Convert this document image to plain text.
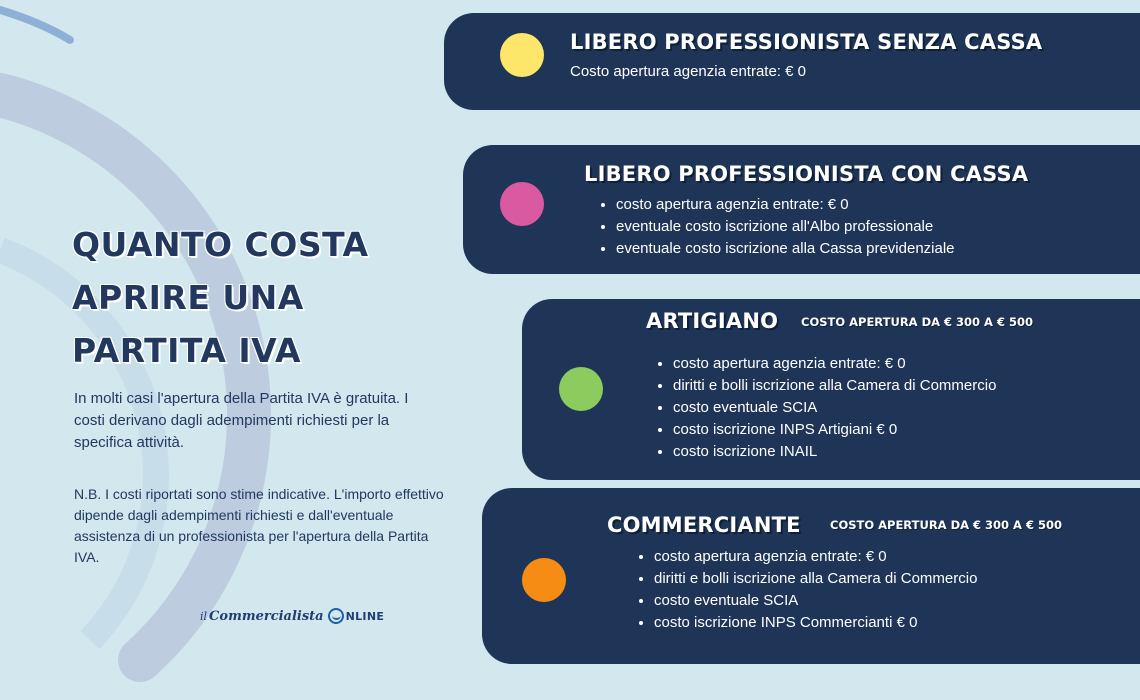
QUANTO COSTA
APRIRE UNA
PARTITA IVA

In molti casi l'apertura della Partita IVA è gratuita. I costi derivano dagli adempimenti richiesti per la specifica attività.

N.B. I costi riportati sono stime indicative. L'importo effettivo dipende dagli adempimenti richiesti e dall'eventuale assistenza di un professionista per l'apertura della Partita IVA.

il Commercialista NLINE
LIBERO PROFESSIONISTA SENZA CASSA

Costo apertura agenzia entrate: € 0

LIBERO PROFESSIONISTA CON CASSA
• costo apertura agenzia entrate: € 0
• eventuale costo iscrizione all'Albo professionale
• eventuale costo iscrizione alla Cassa previdenziale
ARTIGIANO COSTO APERTURA DA € 300 A € 500

• costo apertura agenzia entrate: € 0
• diritti e bolli iscrizione alla Camera di Commercio
• costo eventuale SCIA
• costo iscrizione INPS Artigiani € 0
• costo iscrizione INAIL
COMMERCIANTE	COSTO APERTURA DA € 300 A € 500

• costo apertura agenzia entrate: € 0
• diritti e bolli iscrizione alla Camera di Commercio
• costo eventuale SCIA
• costo iscrizione INPS Commercianti € 0
